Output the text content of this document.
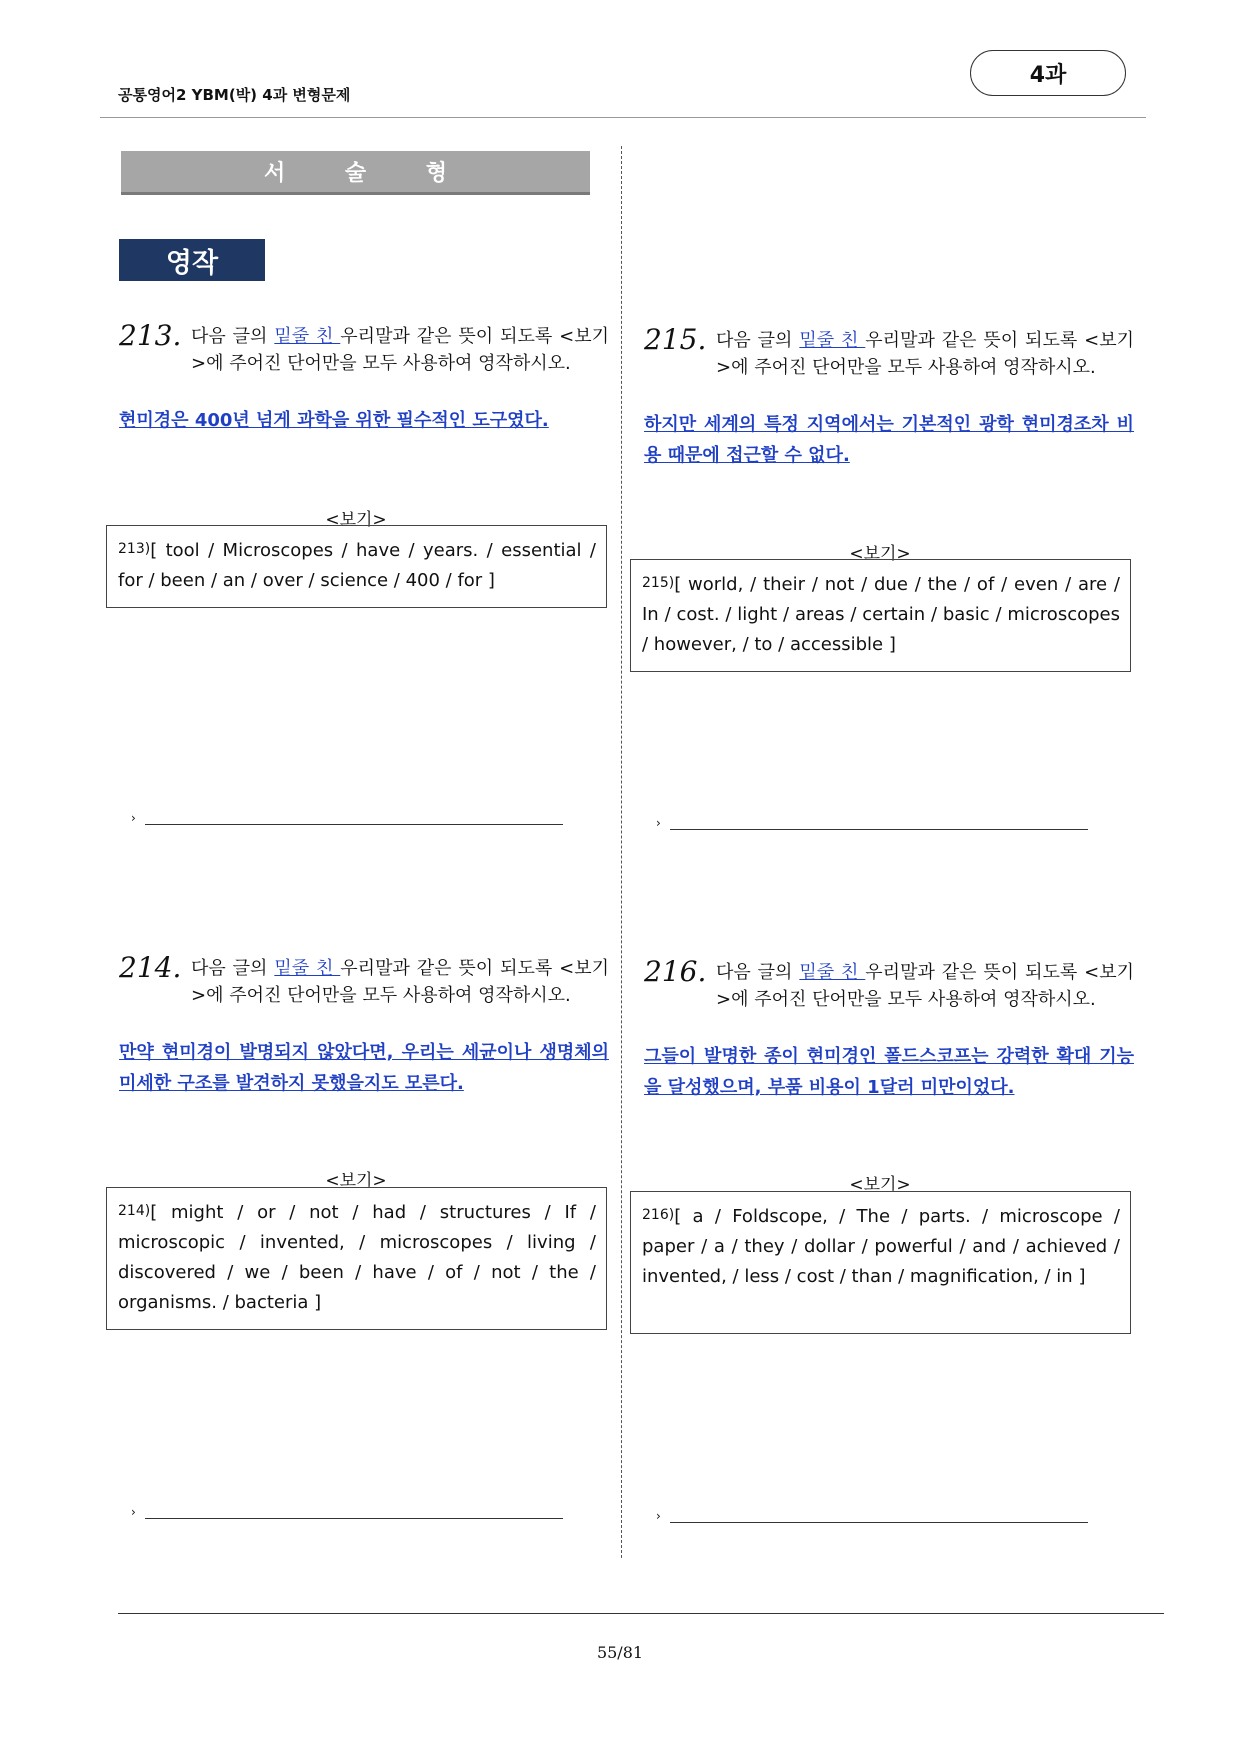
공통영어2 YBM(박) 4과 변형문제
4과
서 술 형
영작
213. 다음 글의 밑줄 친 우리말과 같은 뜻이 되도록 <보기>에 주어진 단어만을 모두 사용하여 영작하시오.
현미경은 400년 넘게 과학을 위한 필수적인 도구였다.
<보기>
213)[ tool / Microscopes / have / years. / essential / for / been / an / over / science / 400 / for ]
›
214. 다음 글의 밑줄 친 우리말과 같은 뜻이 되도록 <보기>에 주어진 단어만을 모두 사용하여 영작하시오.
만약 현미경이 발명되지 않았다면, 우리는 세균이나 생명체의 미세한 구조를 발견하지 못했을지도 모른다.
<보기>
214)[ might / or / not / had / structures / If / microscopic / invented, / microscopes / living / discovered / we / been / have / of / not / the / organisms. / bacteria ]
›
215. 다음 글의 밑줄 친 우리말과 같은 뜻이 되도록 <보기>에 주어진 단어만을 모두 사용하여 영작하시오.
하지만 세계의 특정 지역에서는 기본적인 광학 현미경조차 비용 때문에 접근할 수 없다.
<보기>
215)[ world, / their / not / due / the / of / even / are / In / cost. / light / areas / certain / basic / microscopes / however, / to / accessible ]
›
216. 다음 글의 밑줄 친 우리말과 같은 뜻이 되도록 <보기>에 주어진 단어만을 모두 사용하여 영작하시오.
그들이 발명한 종이 현미경인 폴드스코프는 강력한 확대 기능을 달성했으며, 부품 비용이 1달러 미만이었다.
<보기>
216)[ a / Foldscope, / The / parts. / microscope / paper / a / they / dollar / powerful / and / achieved / invented, / less / cost / than / magnification, / in ]
›
55/81
